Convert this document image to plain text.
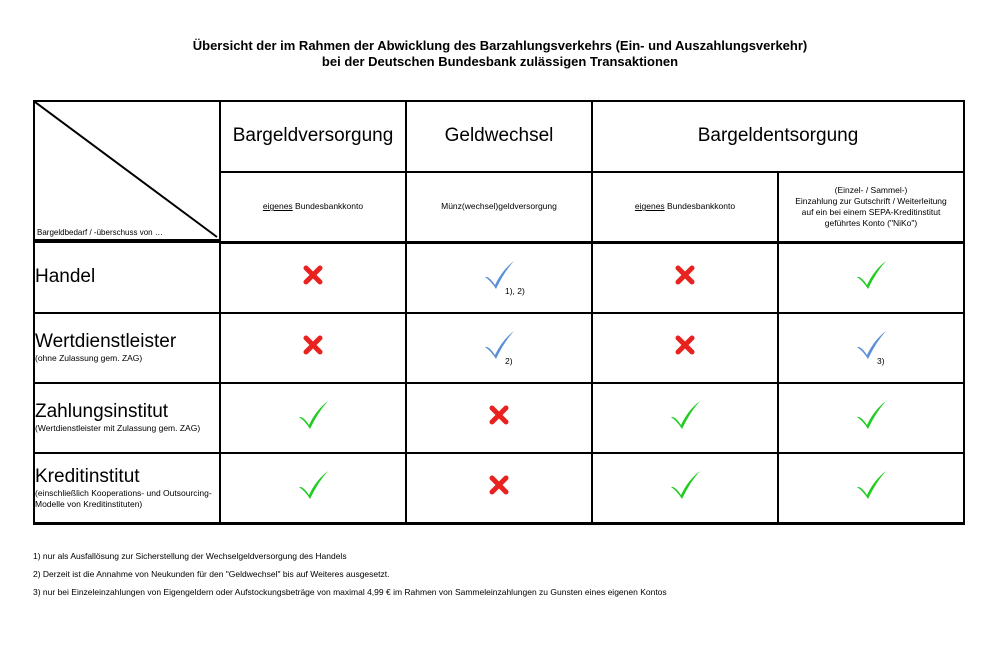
Übersicht der im Rahmen der Abwicklung des Barzahlungsverkehrs (Ein- und Auszahlungsverkehr)
bei der Deutschen Bundesbank zulässigen Transaktionen
Bargeldbedarf / -überschuss von …	Bargeldversorgung	Geldwechsel	Bargeldentsorgung	
	eigenes Bundesbankkonto	Münz(wechsel)geldversorgung	eigenes Bundesbankkonto	(Einzel- / Sammel-)
Einzahlung zur Gutschrift / Weiterleitung
auf ein bei einem SEPA-Kreditinstitut
geführtes Konto ("NiKo")

Handel		1), 2)

Wertdienstleister
(ohne Zulassung gem. ZAG)		2)		3)

Zahlungsinstitut
(Wertdienstleister mit Zulassung gem. ZAG)

Kreditinstitut
(einschließlich Kooperations- und Outsourcing-Modelle von Kreditinstituten)

1) nur als Ausfallösung zur Sicherstellung der Wechselgeldversorgung des Handels
2) Derzeit ist die Annahme von Neukunden für den "Geldwechsel" bis auf Weiteres ausgesetzt.
3) nur bei Einzeleinzahlungen von Eigengeldern oder Aufstockungsbeträge von maximal 4,99 € im Rahmen von Sammeleinzahlungen zu Gunsten eines eigenen Kontos
